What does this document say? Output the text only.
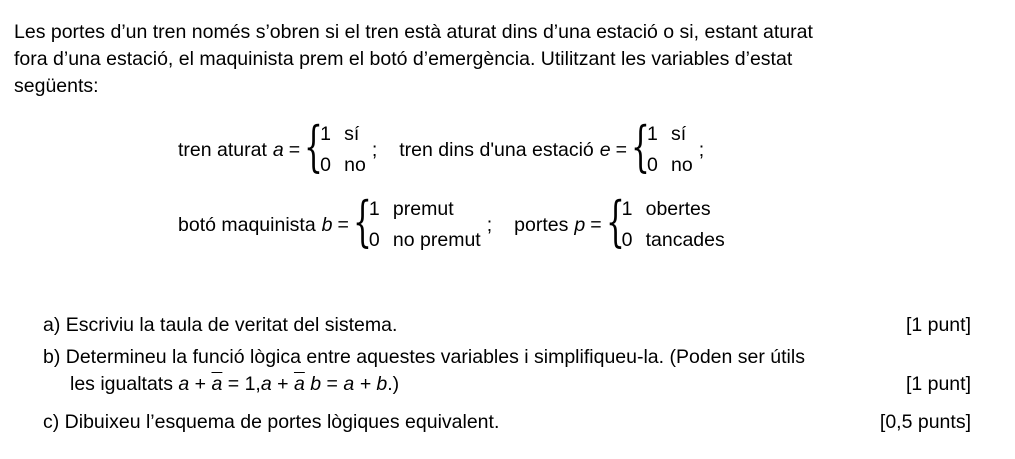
Les portes d’un tren només s’obren si el tren està aturat dins d’una estació o si, estant aturat
fora d’una estació, el maquinista prem el botó d’emergència. Utilitzant les variables d’estat
següents:
tren aturat a = {
1 sí
0 no
; tren dins d'una estació e = {
1 sí
0 no
;
botó maquinista b = {
1 premut
0 no premut
; portes p = {
1 obertes
0 tancades
a) Escriviu la taula de veritat del sistema.	[1 punt]
b) Determineu la funció lògica entre aquestes variables i simplifiqueu-la. (Poden ser útils
les igualtats $a + \overline{a} = 1,a + \overline{a}$ b = a + b.)	[1 punt]
c) Dibuixeu l’esquema de portes lògiques equivalent.	[0,5 punts]
